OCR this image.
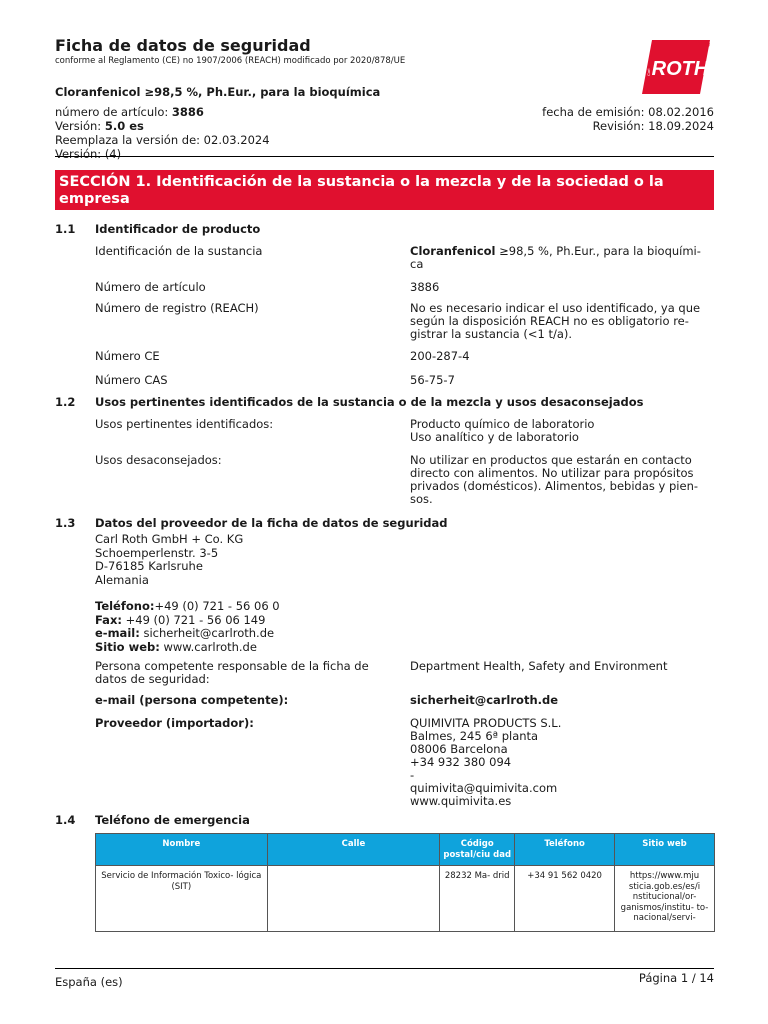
Ficha de datos de seguridad
conforme al Reglamento (CE) no 1907/2006 (REACH) modificado por 2020/878/UE	ROTH
Carl
®
Cloranfenicol ≥98,5 %, Ph.Eur., para la bioquímica
número de artículo: 3886
Versión: 5.0 es
Reemplaza la versión de: 02.03.2024
Versión: (4)
fecha de emisión: 08.02.2016
Revisión: 18.09.2024
SECCIÓN 1. Identificación de la sustancia o la mezcla y de la sociedad o la empresa
1.1 Identificador de producto
Identificación de la sustancia	Cloranfenicol ≥98,5 %, Ph.Eur., para la bioquími-
ca
Número de artículo	3886
Número de registro (REACH)	No es necesario indicar el uso identificado, ya que
según la disposición REACH no es obligatorio re-
gistrar la sustancia (<1 t/a).
Número CE	200-287-4
Número CAS	56-75-7
1.2 Usos pertinentes identificados de la sustancia o de la mezcla y usos desaconsejados
Usos pertinentes identificados:	Producto químico de laboratorio
Uso analítico y de laboratorio
Usos desaconsejados:	No utilizar en productos que estarán en contacto
directo con alimentos. No utilizar para propósitos
privados (domésticos). Alimentos, bebidas y pien-
sos.
1.3 Datos del proveedor de la ficha de datos de seguridad
Carl Roth GmbH + Co. KG
Schoemperlenstr. 3-5
D-76185 Karlsruhe
Alemania
Teléfono:+49 (0) 721 - 56 06 0
Fax: +49 (0) 721 - 56 06 149
e-mail: sicherheit@carlroth.de
Sitio web: www.carlroth.de
Persona competente responsable de la ficha de
datos de seguridad:
Department Health, Safety and Environment
e-mail (persona competente):	sicherheit@carlroth.de
Proveedor (importador):	QUIMIVITA PRODUCTS S.L.
Balmes, 245 6ª planta
08006 Barcelona
+34 932 380 094
-
quimivita@quimivita.com
www.quimivita.es
1.4 Teléfono de emergencia
Nombre	Calle	Código postal/ciu dad	Teléfono	Sitio web
Servicio de Información Toxico- lógica (SIT)		28232 Ma- drid	+34 91 562 0420	https://www.mju sticia.gob.es/es/i nstitucional/or- ganismos/institu- to-nacional/servi-
España (es)	Página 1 / 14
